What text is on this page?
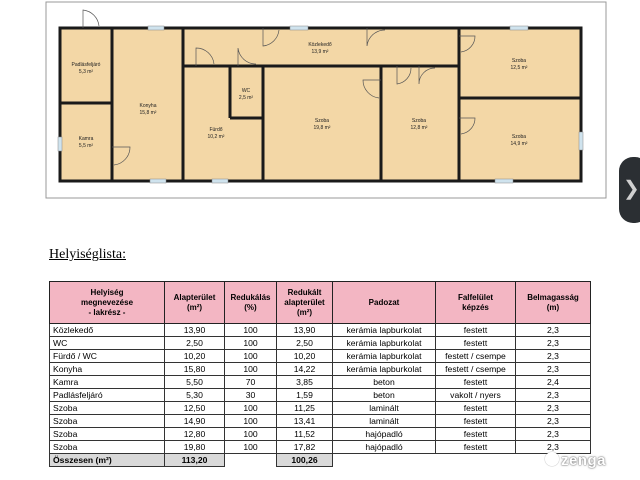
Közlekedő
13,9 m²
Padlásfeljáró
5,3 m²
Konyha
15,8 m²
WC
2,5 m²
Fürdő
10,2 m²
Kamra
5,5 m²
Szoba
19,8 m²
Szoba
12,8 m²
Szoba
12,5 m²
Szoba
14,9 m²
❯
Helyiséglista:
Helyiség
megnevezése
- lakrész -	Alapterület
(m²)	Redukálás
(%)	Redukált
alapterület
(m²)	Padozat	Falfelület
képzés	Belmagasság
(m)
Közlekedő	13,90	100	13,90	kerámia lapburkolat	festett	2,3
WC	2,50	100	2,50	kerámia lapburkolat	festett	2,3
Fürdő / WC	10,20	100	10,20	kerámia lapburkolat	festett / csempe	2,3
Konyha	15,80	100	14,22	kerámia lapburkolat	festett / csempe	2,3
Kamra	5,50	70	3,85	beton	festett	2,4
Padlásfeljáró	5,30	30	1,59	beton	vakolt / nyers	2,3
Szoba	12,50	100	11,25	laminált	festett	2,3
Szoba	14,90	100	13,41	laminált	festett	2,3
Szoba	12,80	100	11,52	hajópadló	festett	2,3
Szoba	19,80	100	17,82	hajópadló	festett	2,3
Összesen (m²)	113,20		100,26				zenga
